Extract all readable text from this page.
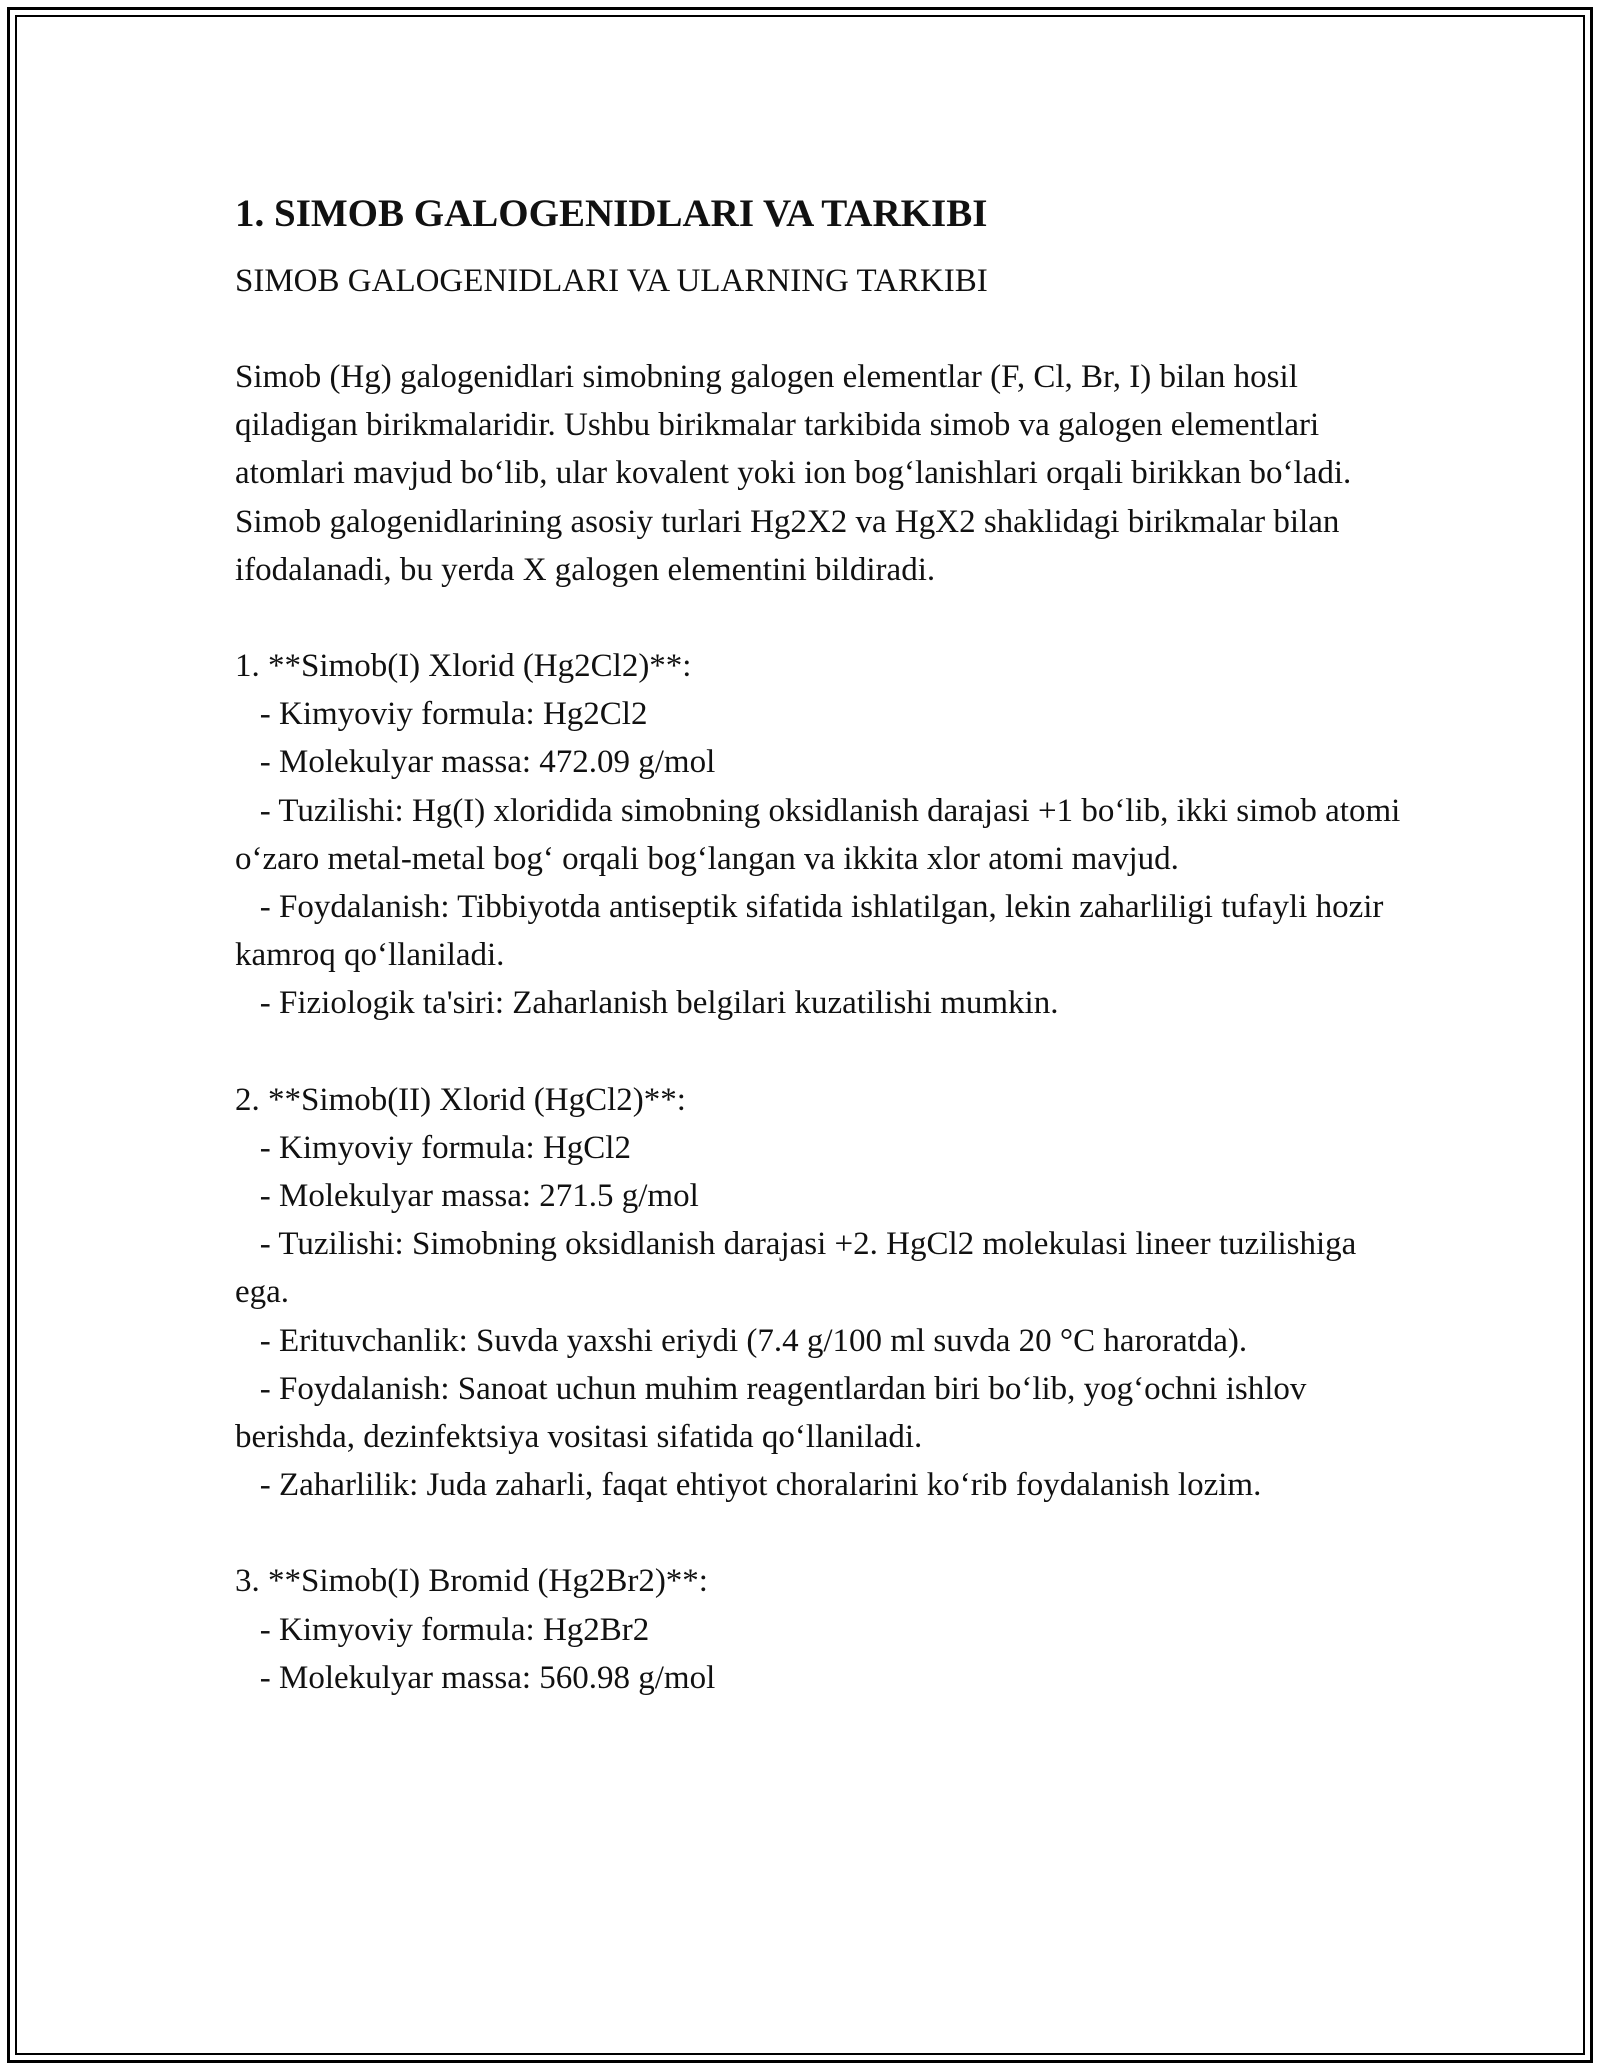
1. SIMOB GALOGENIDLARI VA TARKIBI

SIMOB GALOGENIDLARI VA ULARNING TARKIBI

Simob (Hg) galogenidlari simobning galogen elementlar (F, Cl, Br, I) bilan hosil qiladigan birikmalaridir. Ushbu birikmalar tarkibida simob va galogen elementlari atomlari mavjud bo‘lib, ular kovalent yoki ion bog‘lanishlari orqali birikkan bo‘ladi. Simob galogenidlarining asosiy turlari Hg2X2 va HgX2 shaklidagi birikmalar bilan ifodalanadi, bu yerda X galogen elementini bildiradi.

1. **Simob(I) Xlorid (Hg2Cl2)**:

- Kimyoviy formula: Hg2Cl2

- Molekulyar massa: 472.09 g/mol

- Tuzilishi: Hg(I) xloridida simobning oksidlanish darajasi +1 bo‘lib, ikki simob atomi o‘zaro metal-metal bog‘ orqali bog‘langan va ikkita xlor atomi mavjud.

- Foydalanish: Tibbiyotda antiseptik sifatida ishlatilgan, lekin zaharliligi tufayli hozir kamroq qo‘llaniladi.

- Fiziologik ta'siri: Zaharlanish belgilari kuzatilishi mumkin.

2. **Simob(II) Xlorid (HgCl2)**:

- Kimyoviy formula: HgCl2

- Molekulyar massa: 271.5 g/mol

- Tuzilishi: Simobning oksidlanish darajasi +2. HgCl2 molekulasi lineer tuzilishiga ega.

- Erituvchanlik: Suvda yaxshi eriydi (7.4 g/100 ml suvda 20 °C haroratda).

- Foydalanish: Sanoat uchun muhim reagentlardan biri bo‘lib, yog‘ochni ishlov berishda, dezinfektsiya vositasi sifatida qo‘llaniladi.

- Zaharlilik: Juda zaharli, faqat ehtiyot choralarini ko‘rib foydalanish lozim.

3. **Simob(I) Bromid (Hg2Br2)**:

- Kimyoviy formula: Hg2Br2

- Molekulyar massa: 560.98 g/mol
